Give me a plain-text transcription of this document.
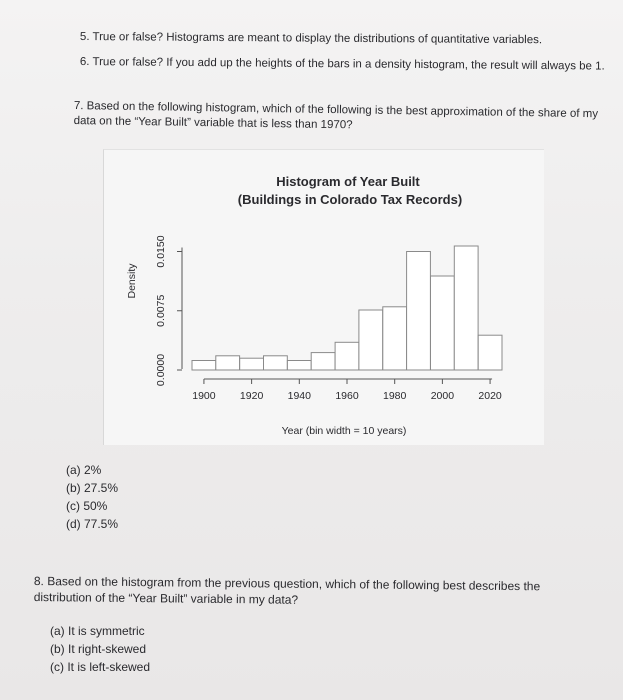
5. True or false? Histograms are meant to display the distributions of quantitative variables.
6. True or false? If you add up the heights of the bars in a density histogram, the result will always be 1.
7. Based on the following histogram, which of the following is the best approximation of the share of my data on the “Year Built” variable that is less than 1970?
1900 1920 1940 1960 1980 2000 2020
0.0000
0.0075
0.0150
Histogram of Year Built
(Buildings in Colorado Tax Records)
Year (bin width = 10 years)
Density
(a) 2%
(b) 27.5%
(c) 50%
(d) 77.5%
8. Based on the histogram from the previous question, which of the following best describes the distribution of the “Year Built” variable in my data?
(a) It is symmetric
(b) It right-skewed
(c) It is left-skewed
